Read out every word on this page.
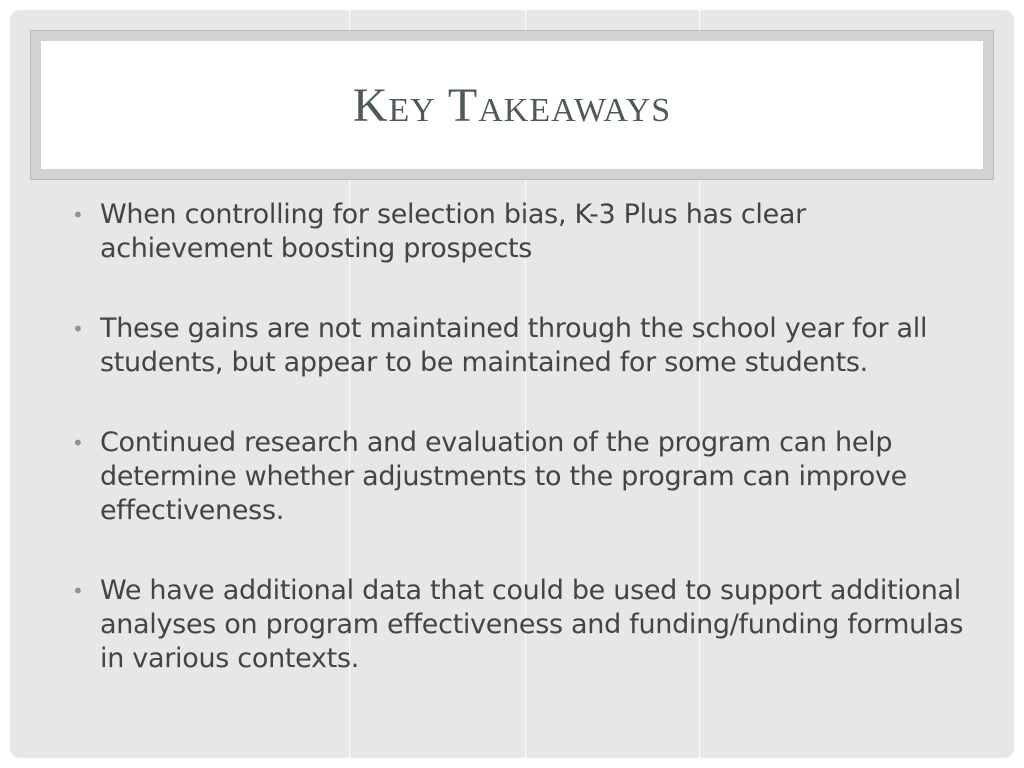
Key Takeaways
• When controlling for selection bias, K-3 Plus has clear achievement boosting prospects
• These gains are not maintained through the school year for all students, but appear to be maintained for some students.
• Continued research and evaluation of the program can help determine whether adjustments to the program can improve effectiveness.
• We have additional data that could be used to support additional analyses on program effectiveness and funding/funding formulas in various contexts.
